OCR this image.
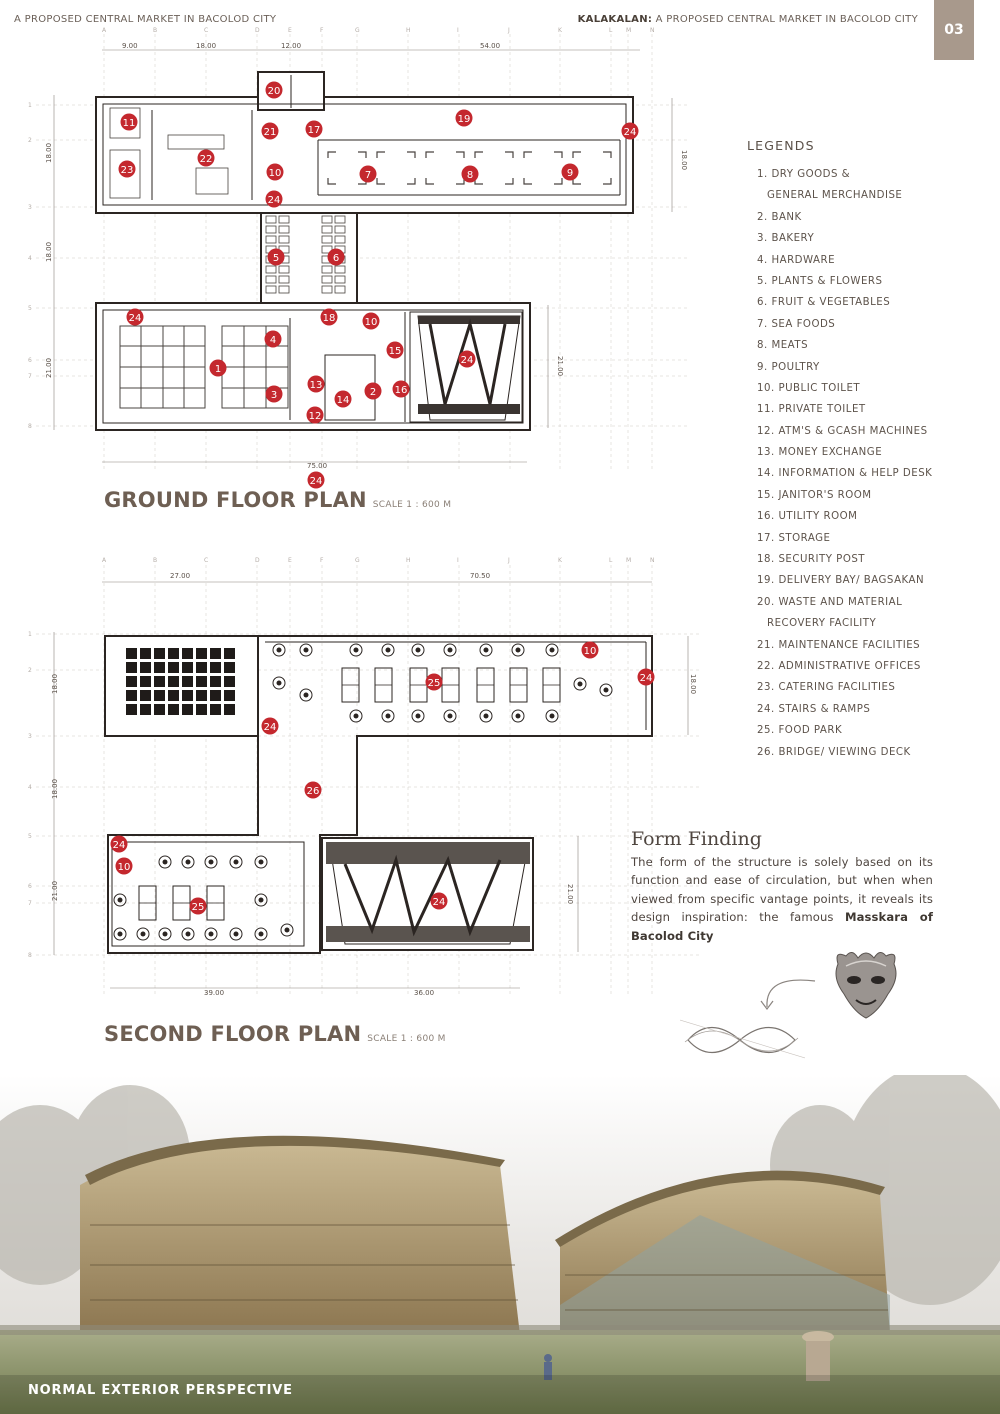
A PROPOSED CENTRAL MARKET IN BACOLOD CITY	KALAKALAN: A PROPOSED CENTRAL MARKET IN BACOLOD CITY
03
A
A
B
B
C
C
D
D
E
E
F
F
G
G
H
H
I
I
J
J
K
K
L
L
M
M
N
N
1
2
3
4
5
6
7
8
1
2
3
4
5
6
7
8
9.00	18.00	12.00	54.00
75.00
18.00
18.00
21.00
18.00
21.00
27.00	70.50
39.00	36.00
18.00
18.00
21.00
18.00
21.00
20
11
21	17
19
24
22
23	10	7	8	9
24
5	6
24	18	10
4
15
24
1
13
2 16
3	14
12
24
10
25	24
24
26
24
10
25	24
GROUND FLOOR PLAN SCALE 1 : 600 M
SECOND FLOOR PLAN SCALE 1 : 600 M
LEGENDS
1. DRY GOODS &
GENERAL MERCHANDISE
2. BANK
3. BAKERY
4. HARDWARE
5. PLANTS & FLOWERS
6. FRUIT & VEGETABLES
7. SEA FOODS
8. MEATS
9. POULTRY
10. PUBLIC TOILET
11. PRIVATE TOILET
12. ATM'S & GCASH MACHINES
13. MONEY EXCHANGE
14. INFORMATION & HELP DESK
15. JANITOR'S ROOM
16. UTILITY ROOM
17. STORAGE
18. SECURITY POST
19. DELIVERY BAY/ BAGSAKAN
20. WASTE AND MATERIAL
RECOVERY FACILITY
21. MAINTENANCE FACILITIES
22. ADMINISTRATIVE OFFICES
23. CATERING FACILITIES
24. STAIRS & RAMPS
25. FOOD PARK
26. BRIDGE/ VIEWING DECK
Form Finding
The form of the structure is solely based on its function and ease of circulation, but when when viewed from specific vantage points, it reveals its design inspiration: the famous Masskara of Bacolod City
NORMAL EXTERIOR PERSPECTIVE
